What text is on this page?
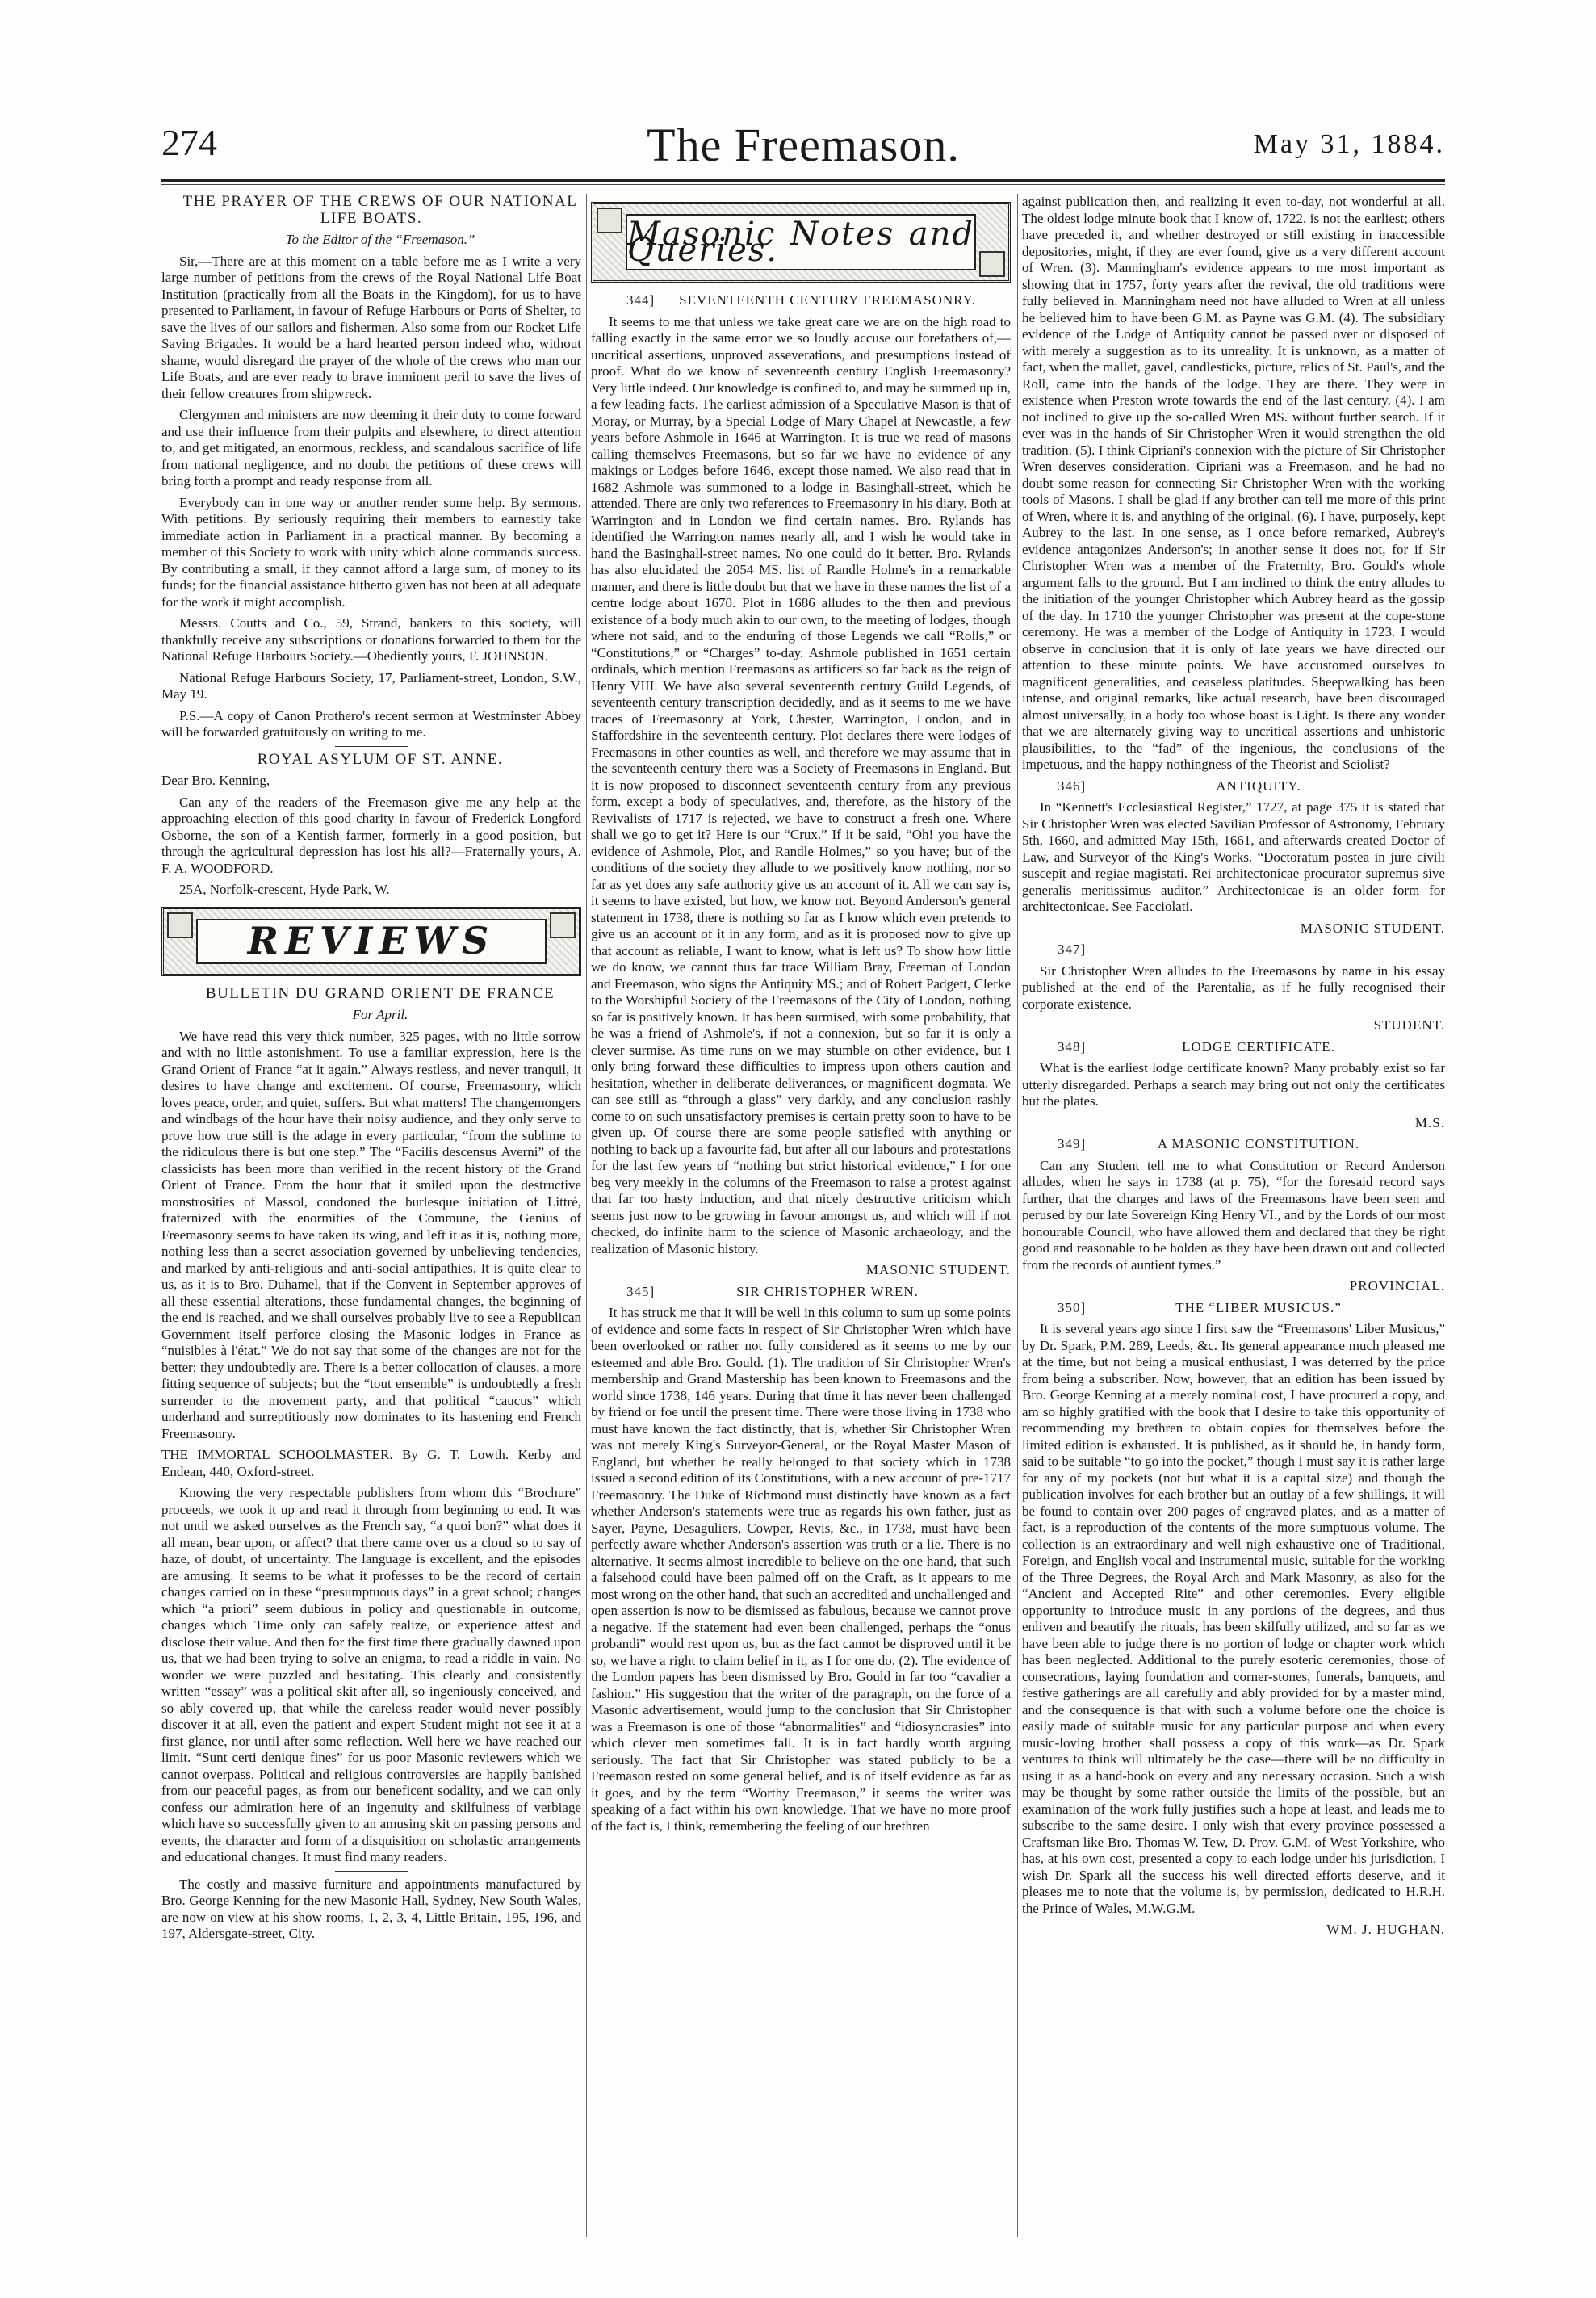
274	The Freemason.	May 31, 1884.

THE PRAYER OF THE CREWS OF OUR NATIONAL LIFE BOATS.

To the Editor of the “Freemason.”

Sir,—There are at this moment on a table before me as I write a very large number of petitions from the crews of the Royal National Life Boat Institution (practically from all the Boats in the Kingdom), for us to have presented to Parliament, in favour of Refuge Harbours or Ports of Shelter, to save the lives of our sailors and fishermen. Also some from our Rocket Life Saving Brigades. It would be a hard hearted person indeed who, without shame, would disregard the prayer of the whole of the crews who man our Life Boats, and are ever ready to brave imminent peril to save the lives of their fellow creatures from shipwreck.

Clergymen and ministers are now deeming it their duty to come forward and use their influence from their pulpits and elsewhere, to direct attention to, and get mitigated, an enormous, reckless, and scandalous sacrifice of life from national negligence, and no doubt the petitions of these crews will bring forth a prompt and ready response from all.

Everybody can in one way or another render some help. By sermons. With petitions. By seriously requiring their members to earnestly take immediate action in Parliament in a practical manner. By becoming a member of this Society to work with unity which alone commands success. By contributing a small, if they cannot afford a large sum, of money to its funds; for the financial assistance hitherto given has not been at all adequate for the work it might accomplish.

Messrs. Coutts and Co., 59, Strand, bankers to this society, will thankfully receive any subscriptions or donations forwarded to them for the National Refuge Harbours Society.—Obediently yours, F. JOHNSON.

National Refuge Harbours Society, 17, Parliament-street, London, S.W., May 19.

P.S.—A copy of Canon Prothero's recent sermon at Westminster Abbey will be forwarded gratuitously on writing to me.

ROYAL ASYLUM OF ST. ANNE.

Dear Bro. Kenning,

Can any of the readers of the Freemason give me any help at the approaching election of this good charity in favour of Frederick Longford Osborne, the son of a Kentish farmer, formerly in a good position, but through the agricultural depression has lost his all?—Fraternally yours, A. F. A. WOODFORD.

25A, Norfolk-crescent, Hyde Park, W.

REVIEWS

BULLETIN DU GRAND ORIENT DE FRANCE

For April.

We have read this very thick number, 325 pages, with no little sorrow and with no little astonishment. To use a familiar expression, here is the Grand Orient of France “at it again.” Always restless, and never tranquil, it desires to have change and excitement. Of course, Freemasonry, which loves peace, order, and quiet, suffers. But what matters! The changemongers and windbags of the hour have their noisy audience, and they only serve to prove how true still is the adage in every particular, “from the sublime to the ridiculous there is but one step.” The “Facilis descensus Averni” of the classicists has been more than verified in the recent history of the Grand Orient of France. From the hour that it smiled upon the destructive monstrosities of Massol, condoned the burlesque initiation of Littré, fraternized with the enormities of the Commune, the Genius of Freemasonry seems to have taken its wing, and left it as it is, nothing more, nothing less than a secret association governed by unbelieving tendencies, and marked by anti-religious and anti-social antipathies. It is quite clear to us, as it is to Bro. Duhamel, that if the Convent in September approves of all these essential alterations, these fundamental changes, the beginning of the end is reached, and we shall ourselves probably live to see a Republican Government itself perforce closing the Masonic lodges in France as “nuisibles à l'état.” We do not say that some of the changes are not for the better; they undoubtedly are. There is a better collocation of clauses, a more fitting sequence of subjects; but the “tout ensemble” is undoubtedly a fresh surrender to the movement party, and that political “caucus” which underhand and surreptitiously now dominates to its hastening end French Freemasonry.

THE IMMORTAL SCHOOLMASTER. By G. T. Lowth. Kerby and Endean, 440, Oxford-street.

Knowing the very respectable publishers from whom this “Brochure” proceeds, we took it up and read it through from beginning to end. It was not until we asked ourselves as the French say, “a quoi bon?” what does it all mean, bear upon, or affect? that there came over us a cloud so to say of haze, of doubt, of uncertainty. The language is excellent, and the episodes are amusing. It seems to be what it professes to be the record of certain changes carried on in these “presumptuous days” in a great school; changes which “a priori” seem dubious in policy and questionable in outcome, changes which Time only can safely realize, or experience attest and disclose their value. And then for the first time there gradually dawned upon us, that we had been trying to solve an enigma, to read a riddle in vain. No wonder we were puzzled and hesitating. This clearly and consistently written “essay” was a political skit after all, so ingeniously conceived, and so ably covered up, that while the careless reader would never possibly discover it at all, even the patient and expert Student might not see it at a first glance, nor until after some reflection. Well here we have reached our limit. “Sunt certi denique fines” for us poor Masonic reviewers which we cannot overpass. Political and religious controversies are happily banished from our peaceful pages, as from our beneficent sodality, and we can only confess our admiration here of an ingenuity and skilfulness of verbiage which have so successfully given to an amusing skit on passing persons and events, the character and form of a disquisition on scholastic arrangements and educational changes. It must find many readers.

The costly and massive furniture and appointments manufactured by Bro. George Kenning for the new Masonic Hall, Sydney, New South Wales, are now on view at his show rooms, 1, 2, 3, 4, Little Britain, 195, 196, and 197, Aldersgate-street, City.

Masonic Notes and Queries.

344] SEVENTEENTH CENTURY FREEMASONRY.

It seems to me that unless we take great care we are on the high road to falling exactly in the same error we so loudly accuse our forefathers of,—uncritical assertions, unproved asseverations, and presumptions instead of proof. What do we know of seventeenth century English Freemasonry? Very little indeed. Our knowledge is confined to, and may be summed up in, a few leading facts. The earliest admission of a Speculative Mason is that of Moray, or Murray, by a Special Lodge of Mary Chapel at Newcastle, a few years before Ashmole in 1646 at Warrington. It is true we read of masons calling themselves Freemasons, but so far we have no evidence of any makings or Lodges before 1646, except those named. We also read that in 1682 Ashmole was summoned to a lodge in Basinghall-street, which he attended. There are only two references to Freemasonry in his diary. Both at Warrington and in London we find certain names. Bro. Rylands has identified the Warrington names nearly all, and I wish he would take in hand the Basinghall-street names. No one could do it better. Bro. Rylands has also elucidated the 2054 MS. list of Randle Holme's in a remarkable manner, and there is little doubt but that we have in these names the list of a centre lodge about 1670. Plot in 1686 alludes to the then and previous existence of a body much akin to our own, to the meeting of lodges, though where not said, and to the enduring of those Legends we call “Rolls,” or “Constitutions,” or “Charges” to-day. Ashmole published in 1651 certain ordinals, which mention Freemasons as artificers so far back as the reign of Henry VIII. We have also several seventeenth century Guild Legends, of seventeenth century transcription decidedly, and as it seems to me we have traces of Freemasonry at York, Chester, Warrington, London, and in Staffordshire in the seventeenth century. Plot declares there were lodges of Freemasons in other counties as well, and therefore we may assume that in the seventeenth century there was a Society of Freemasons in England. But it is now proposed to disconnect seventeenth century from any previous form, except a body of speculatives, and, therefore, as the history of the Revivalists of 1717 is rejected, we have to construct a fresh one. Where shall we go to get it? Here is our “Crux.” If it be said, “Oh! you have the evidence of Ashmole, Plot, and Randle Holmes,” so you have; but of the conditions of the society they allude to we positively know nothing, nor so far as yet does any safe authority give us an account of it. All we can say is, it seems to have existed, but how, we know not. Beyond Anderson's general statement in 1738, there is nothing so far as I know which even pretends to give us an account of it in any form, and as it is proposed now to give up that account as reliable, I want to know, what is left us? To show how little we do know, we cannot thus far trace William Bray, Freeman of London and Freemason, who signs the Antiquity MS.; and of Robert Padgett, Clerke to the Worshipful Society of the Freemasons of the City of London, nothing so far is positively known. It has been surmised, with some probability, that he was a friend of Ashmole's, if not a connexion, but so far it is only a clever surmise. As time runs on we may stumble on other evidence, but I only bring forward these difficulties to impress upon others caution and hesitation, whether in deliberate deliverances, or magnificent dogmata. We can see still as “through a glass” very darkly, and any conclusion rashly come to on such unsatisfactory premises is certain pretty soon to have to be given up. Of course there are some people satisfied with anything or nothing to back up a favourite fad, but after all our labours and protestations for the last few years of “nothing but strict historical evidence,” I for one beg very meekly in the columns of the Freemason to raise a protest against that far too hasty induction, and that nicely destructive criticism which seems just now to be growing in favour amongst us, and which will if not checked, do infinite harm to the science of Masonic archaeology, and the realization of Masonic history.

MASONIC STUDENT.

345]	SIR CHRISTOPHER WREN.

It has struck me that it will be well in this column to sum up some points of evidence and some facts in respect of Sir Christopher Wren which have been overlooked or rather not fully considered as it seems to me by our esteemed and able Bro. Gould. (1). The tradition of Sir Christopher Wren's membership and Grand Mastership has been known to Freemasons and the world since 1738, 146 years. During that time it has never been challenged by friend or foe until the present time. There were those living in 1738 who must have known the fact distinctly, that is, whether Sir Christopher Wren was not merely King's Surveyor-General, or the Royal Master Mason of England, but whether he really belonged to that society which in 1738 issued a second edition of its Constitutions, with a new account of pre-1717 Freemasonry. The Duke of Richmond must distinctly have known as a fact whether Anderson's statements were true as regards his own father, just as Sayer, Payne, Desaguliers, Cowper, Revis, &c., in 1738, must have been perfectly aware whether Anderson's assertion was truth or a lie. There is no alternative. It seems almost incredible to believe on the one hand, that such a falsehood could have been palmed off on the Craft, as it appears to me most wrong on the other hand, that such an accredited and unchallenged and open assertion is now to be dismissed as fabulous, because we cannot prove a negative. If the statement had even been challenged, perhaps the “onus probandi” would rest upon us, but as the fact cannot be disproved until it be so, we have a right to claim belief in it, as I for one do. (2). The evidence of the London papers has been dismissed by Bro. Gould in far too “cavalier a fashion.” His suggestion that the writer of the paragraph, on the force of a Masonic advertisement, would jump to the conclusion that Sir Christopher was a Freemason is one of those “abnormalities” and “idiosyncrasies” into which clever men sometimes fall. It is in fact hardly worth arguing seriously. The fact that Sir Christopher was stated publicly to be a Freemason rested on some general belief, and is of itself evidence as far as it goes, and by the term “Worthy Freemason,” it seems the writer was speaking of a fact within his own knowledge. That we have no more proof of the fact is, I think, remembering the feeling of our brethren

against publication then, and realizing it even to-day, not wonderful at all. The oldest lodge minute book that I know of, 1722, is not the earliest; others have preceded it, and whether destroyed or still existing in inaccessible depositories, might, if they are ever found, give us a very different account of Wren. (3). Manningham's evidence appears to me most important as showing that in 1757, forty years after the revival, the old traditions were fully believed in. Manningham need not have alluded to Wren at all unless he believed him to have been G.M. as Payne was G.M. (4). The subsidiary evidence of the Lodge of Antiquity cannot be passed over or disposed of with merely a suggestion as to its unreality. It is unknown, as a matter of fact, when the mallet, gavel, candlesticks, picture, relics of St. Paul's, and the Roll, came into the hands of the lodge. They are there. They were in existence when Preston wrote towards the end of the last century. (4). I am not inclined to give up the so-called Wren MS. without further search. If it ever was in the hands of Sir Christopher Wren it would strengthen the old tradition. (5). I think Cipriani's connexion with the picture of Sir Christopher Wren deserves consideration. Cipriani was a Freemason, and he had no doubt some reason for connecting Sir Christopher Wren with the working tools of Masons. I shall be glad if any brother can tell me more of this print of Wren, where it is, and anything of the original. (6). I have, purposely, kept Aubrey to the last. In one sense, as I once before remarked, Aubrey's evidence antagonizes Anderson's; in another sense it does not, for if Sir Christopher Wren was a member of the Fraternity, Bro. Gould's whole argument falls to the ground. But I am inclined to think the entry alludes to the initiation of the younger Christopher which Aubrey heard as the gossip of the day. In 1710 the younger Christopher was present at the cope-stone ceremony. He was a member of the Lodge of Antiquity in 1723. I would observe in conclusion that it is only of late years we have directed our attention to these minute points. We have accustomed ourselves to magnificent generalities, and ceaseless platitudes. Sheepwalking has been intense, and original remarks, like actual research, have been discouraged almost universally, in a body too whose boast is Light. Is there any wonder that we are alternately giving way to uncritical assertions and unhistoric plausibilities, to the “fad” of the ingenious, the conclusions of the impetuous, and the happy nothingness of the Theorist and Sciolist?

346]	ANTIQUITY.

In “Kennett's Ecclesiastical Register,” 1727, at page 375 it is stated that Sir Christopher Wren was elected Savilian Professor of Astronomy, February 5th, 1660, and admitted May 15th, 1661, and afterwards created Doctor of Law, and Surveyor of the King's Works. “Doctoratum postea in jure civili suscepit and regiae magistati. Rei architectonicae procurator supremus sive generalis meritissimus auditor.” Architectonicae is an older form for architectonicae. See Facciolati.

MASONIC STUDENT.

347]

Sir Christopher Wren alludes to the Freemasons by name in his essay published at the end of the Parentalia, as if he fully recognised their corporate existence.

STUDENT.

348]	LODGE CERTIFICATE.

What is the earliest lodge certificate known? Many probably exist so far utterly disregarded. Perhaps a search may bring out not only the certificates but the plates.

M.S.

349]	A MASONIC CONSTITUTION.

Can any Student tell me to what Constitution or Record Anderson alludes, when he says in 1738 (at p. 75), “for the foresaid record says further, that the charges and laws of the Freemasons have been seen and perused by our late Sovereign King Henry VI., and by the Lords of our most honourable Council, who have allowed them and declared that they be right good and reasonable to be holden as they have been drawn out and collected from the records of auntient tymes.”

PROVINCIAL.

350]	THE “LIBER MUSICUS.”

It is several years ago since I first saw the “Freemasons' Liber Musicus,” by Dr. Spark, P.M. 289, Leeds, &c. Its general appearance much pleased me at the time, but not being a musical enthusiast, I was deterred by the price from being a subscriber. Now, however, that an edition has been issued by Bro. George Kenning at a merely nominal cost, I have procured a copy, and am so highly gratified with the book that I desire to take this opportunity of recommending my brethren to obtain copies for themselves before the limited edition is exhausted. It is published, as it should be, in handy form, said to be suitable “to go into the pocket,” though I must say it is rather large for any of my pockets (not but what it is a capital size) and though the publication involves for each brother but an outlay of a few shillings, it will be found to contain over 200 pages of engraved plates, and as a matter of fact, is a reproduction of the contents of the more sumptuous volume. The collection is an extraordinary and well nigh exhaustive one of Traditional, Foreign, and English vocal and instrumental music, suitable for the working of the Three Degrees, the Royal Arch and Mark Masonry, as also for the “Ancient and Accepted Rite” and other ceremonies. Every eligible opportunity to introduce music in any portions of the degrees, and thus enliven and beautify the rituals, has been skilfully utilized, and so far as we have been able to judge there is no portion of lodge or chapter work which has been neglected. Additional to the purely esoteric ceremonies, those of consecrations, laying foundation and corner-stones, funerals, banquets, and festive gatherings are all carefully and ably provided for by a master mind, and the consequence is that with such a volume before one the choice is easily made of suitable music for any particular purpose and when every music-loving brother shall possess a copy of this work—as Dr. Spark ventures to think will ultimately be the case—there will be no difficulty in using it as a hand-book on every and any necessary occasion. Such a wish may be thought by some rather outside the limits of the possible, but an examination of the work fully justifies such a hope at least, and leads me to subscribe to the same desire. I only wish that every province possessed a Craftsman like Bro. Thomas W. Tew, D. Prov. G.M. of West Yorkshire, who has, at his own cost, presented a copy to each lodge under his jurisdiction. I wish Dr. Spark all the success his well directed efforts deserve, and it pleases me to note that the volume is, by permission, dedicated to H.R.H. the Prince of Wales, M.W.G.M.

WM. J. HUGHAN.
